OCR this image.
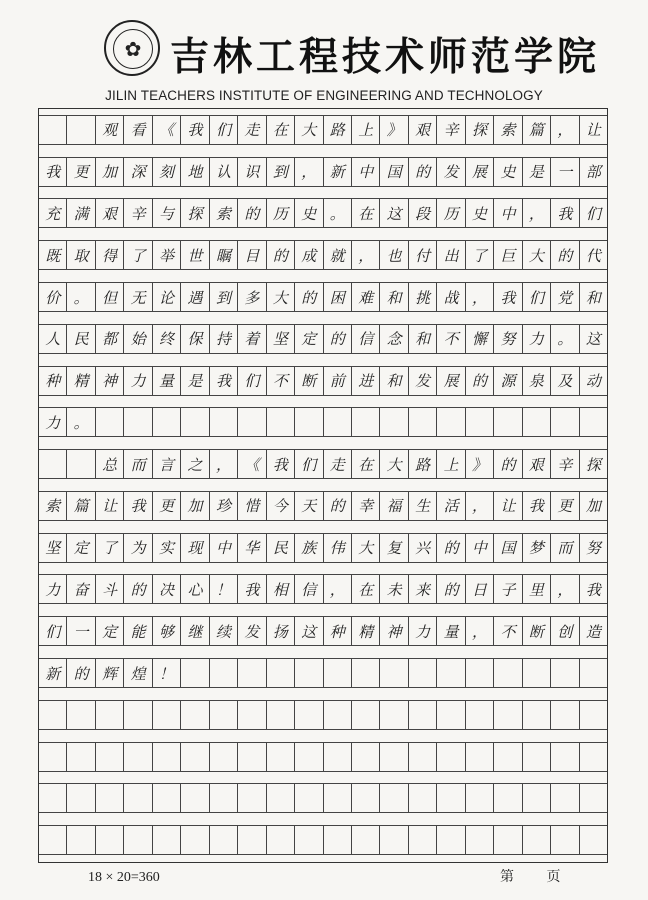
✿ 吉林工程技术师范学院
JILIN TEACHERS INSTITUTE OF ENGINEERING AND TECHNOLOGY
观 看 《 我 们 走 在 大 路 上 》 艰 辛 探 索 篇 ， 让
我 更 加 深 刻 地 认 识 到 ， 新 中 国 的 发 展 史 是 一 部
充 满 艰 辛 与 探 索 的 历 史 。 在 这 段 历 史 中 ， 我 们
既 取 得 了 举 世 瞩 目 的 成 就 ， 也 付 出 了 巨 大 的 代
价 。 但 无 论 遇 到 多 大 的 困 难 和 挑 战 ， 我 们 党 和
人 民 都 始 终 保 持 着 坚 定 的 信 念 和 不 懈 努 力 。 这
种 精 神 力 量 是 我 们 不 断 前 进 和 发 展 的 源 泉 及 动
力 。
总 而 言 之 ， 《 我 们 走 在 大 路 上 》 的 艰 辛 探
索 篇 让 我 更 加 珍 惜 今 天 的 幸 福 生 活 ， 让 我 更 加
坚 定 了 为 实 现 中 华 民 族 伟 大 复 兴 的 中 国 梦 而 努
力 奋 斗 的 决 心 ！ 我 相 信 ， 在 未 来 的 日 子 里 ， 我
们 一 定 能 够 继 续 发 扬 这 种 精 神 力 量 ， 不 断 创 造
新 的 辉 煌 ！
18 × 20=360	第 页
